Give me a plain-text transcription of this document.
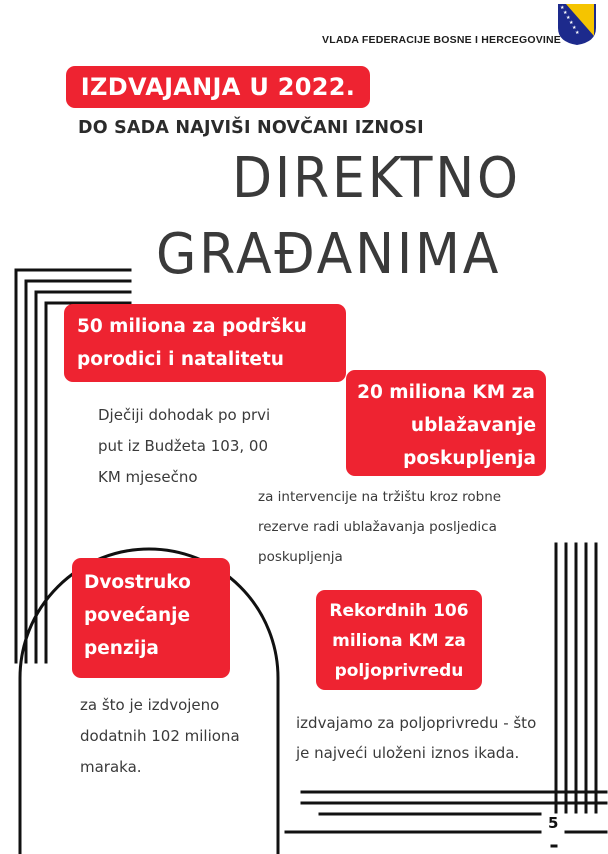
VLADA FEDERACIJE BOSNE I HERCEGOVINE
★
★
★
★
★
★
IZDVAJANJA U 2022.
DO SADA NAJVIŠI NOVČANI IZNOSI
DIREKTNO
GRAĐANIMA
50 miliona za podršku
porodici i natalitetu
Dječiji dohodak po prvi
put iz Budžeta 103, 00
KM mjesečno
20 miliona KM za
ublažavanje
poskupljenja
za intervencije na tržištu kroz robne
rezerve radi ublažavanja posljedica
poskupljenja
Dvostruko
povećanje
penzija
za što je izdvojeno
dodatnih 102 miliona
maraka.
Rekordnih 106
miliona KM za
poljoprivredu
izdvajamo za poljoprivredu - što
je najveći uloženi iznos ikada.
5
